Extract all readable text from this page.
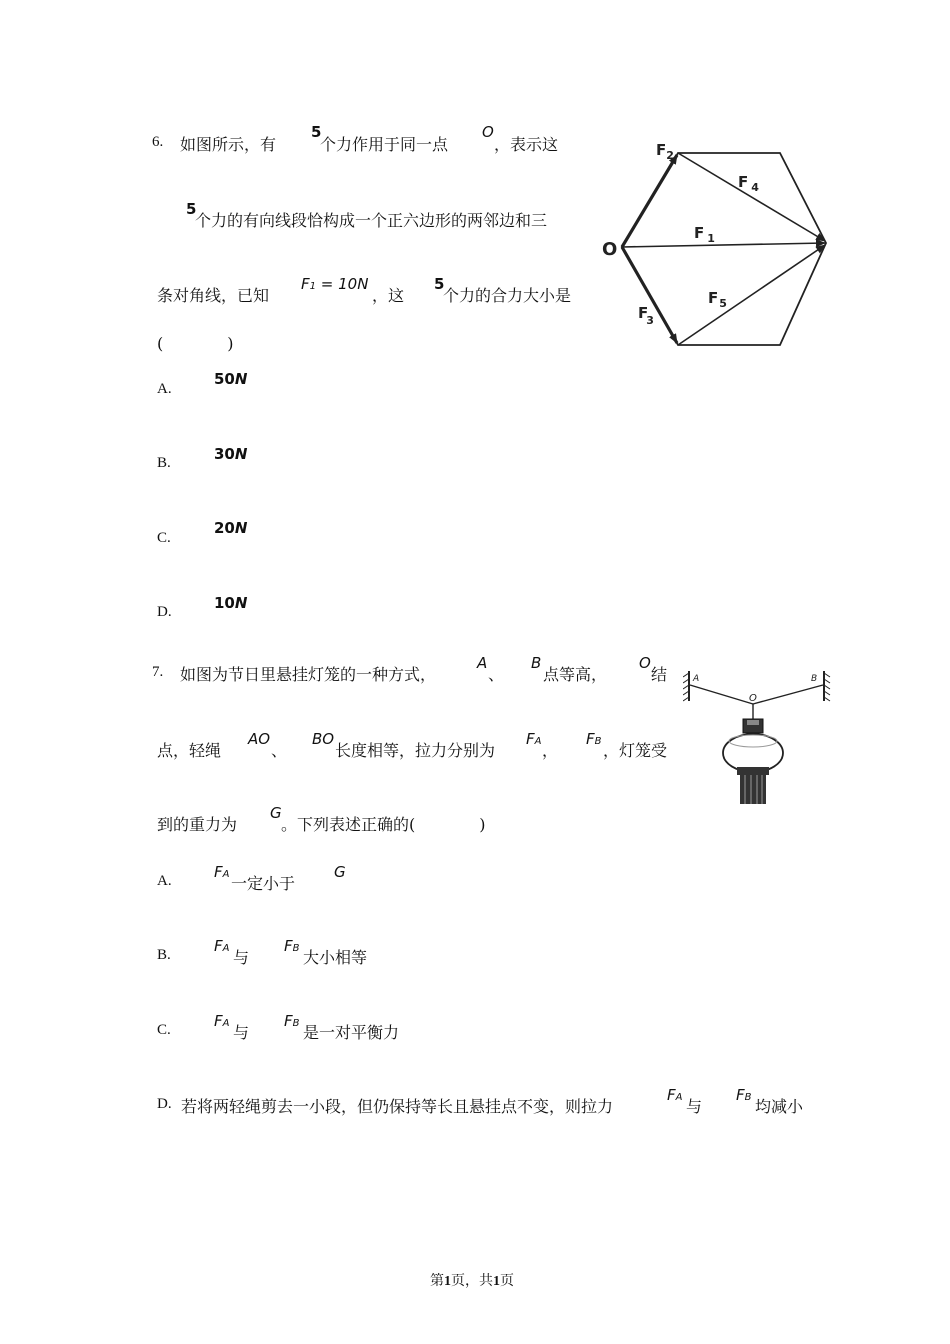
6. 如图所示，有
5
个力作用于同一点
O
，表示这
5
个力的有向线段恰构成一个正六边形的两邻边和三
条对角线，已知
F1 = 10N
，这
5
个力的合力大小是
(　　　　)
A.
50N
B.	30N
C.
20N
D.	10N
O
$F_2$
F $_4$
F $_1$
$F_5$
F3
7. 如图为节日里悬挂灯笼的一种方式，
A
、
B
点等高，
O
结
点，轻绳
AO
、
BO
长度相等，拉力分别为
FA ，
FB ，灯笼受
到的重力为
G
。下列表述正确的(　　　　)
A.	FA 一定小于
G
B.	FA 与
FB 大小相等
C.	FA 与
FB 是一对平衡力
D. 若将两轻绳剪去一小段，但仍保持等长且悬挂点不变，则拉力
FA 与
FB 均减小
A
O
B
第1页，共1页
